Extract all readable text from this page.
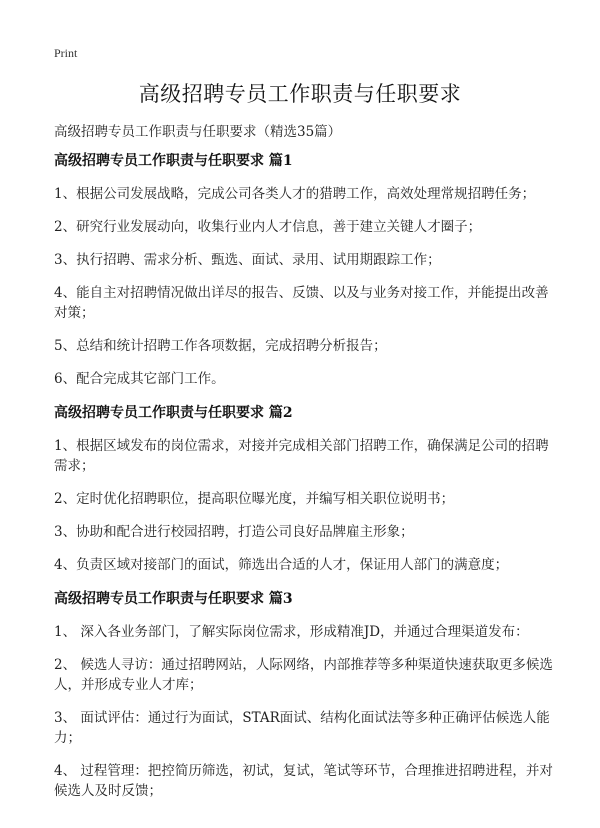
Print
高级招聘专员工作职责与任职要求
高级招聘专员工作职责与任职要求（精选35篇）
高级招聘专员工作职责与任职要求 篇1
1、根据公司发展战略，完成公司各类人才的猎聘工作，高效处理常规招聘任务；
2、研究行业发展动向，收集行业内人才信息，善于建立关键人才圈子；
3、执行招聘、需求分析、甄选、面试、录用、试用期跟踪工作；
4、能自主对招聘情况做出详尽的报告、反馈、以及与业务对接工作，并能提出改善对策；
5、总结和统计招聘工作各项数据，完成招聘分析报告；
6、配合完成其它部门工作。
高级招聘专员工作职责与任职要求 篇2
1、根据区域发布的岗位需求，对接并完成相关部门招聘工作，确保满足公司的招聘需求；
2、定时优化招聘职位，提高职位曝光度，并编写相关职位说明书；
3、协助和配合进行校园招聘，打造公司良好品牌雇主形象；
4、负责区域对接部门的面试，筛选出合适的人才，保证用人部门的满意度；
高级招聘专员工作职责与任职要求 篇3
1、 深入各业务部门，了解实际岗位需求，形成精准JD，并通过合理渠道发布：
2、 候选人寻访：通过招聘网站，人际网络，内部推荐等多种渠道快速获取更多候选人，并形成专业人才库；
3、 面试评估：通过行为面试，STAR面试、结构化面试法等多种正确评估候选人能力；
4、 过程管理：把控简历筛选，初试，复试，笔试等环节，合理推进招聘进程，并对候选人及时反馈；
